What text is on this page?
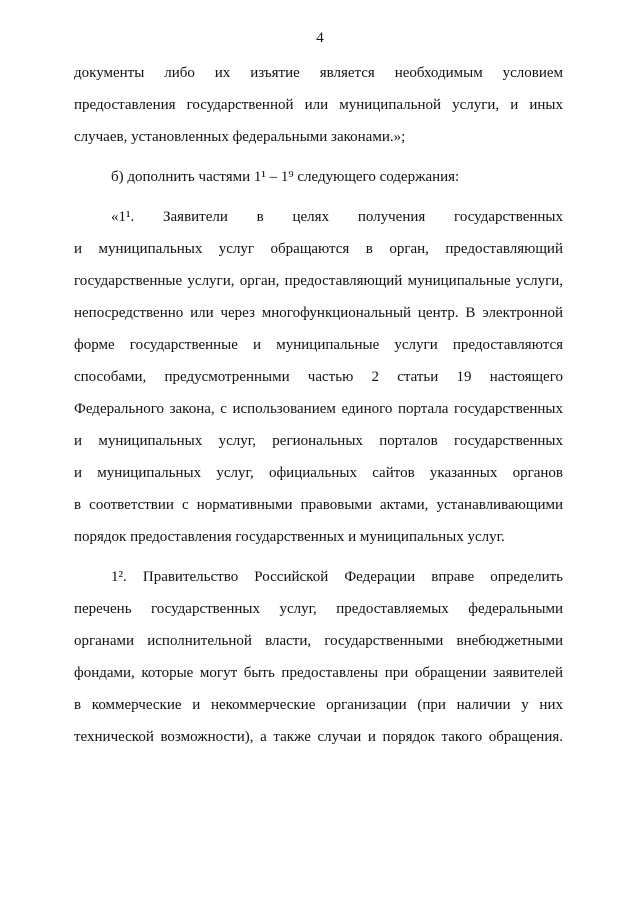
4
документы либо их изъятие является необходимым условием
предоставления государственной или муниципальной услуги, и иных
случаев, установленных федеральными законами.»;
б) дополнить частями 1¹ – 1⁹ следующего содержания:
«1¹. Заявители в целях получения государственных
и муниципальных услуг обращаются в орган, предоставляющий
государственные услуги, орган, предоставляющий муниципальные услуги,
непосредственно или через многофункциональный центр. В электронной
форме государственные и муниципальные услуги предоставляются
способами, предусмотренными частью 2 статьи 19 настоящего
Федерального закона, с использованием единого портала государственных
и муниципальных услуг, региональных порталов государственных
и муниципальных услуг, официальных сайтов указанных органов
в соответствии с нормативными правовыми актами, устанавливающими
порядок предоставления государственных и муниципальных услуг.
1². Правительство Российской Федерации вправе определить
перечень государственных услуг, предоставляемых федеральными
органами исполнительной власти, государственными внебюджетными
фондами, которые могут быть предоставлены при обращении заявителей
в коммерческие и некоммерческие организации (при наличии у них
технической возможности), а также случаи и порядок такого обращения.
